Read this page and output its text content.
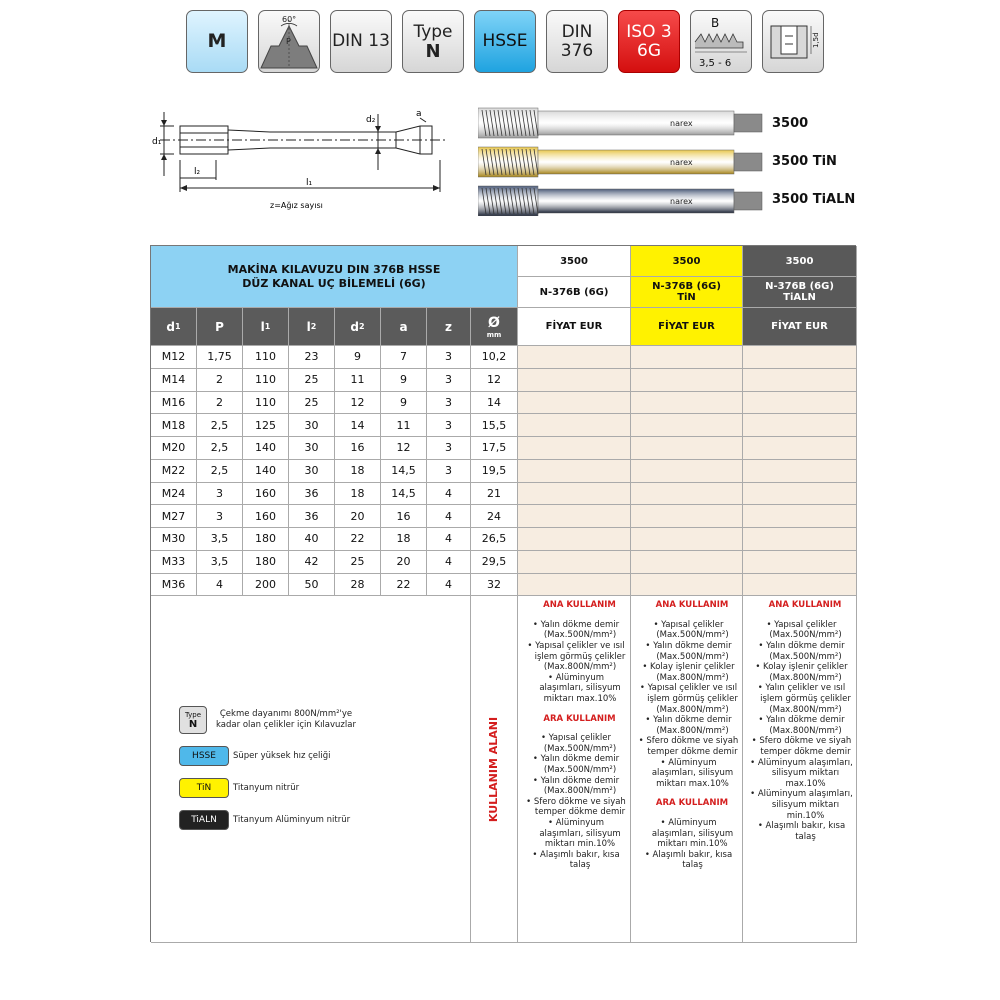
M
60°
P DIN 13 Type
N HSSE DIN
376
ISO 3
6G
B
3,5 - 6
1,5d
d₁
d₂
a
l₂
l₁
z=Ağız sayısı
narex
narex
narex
3500
3500 TiN
3500 TiALN
MAKİNA KILAVUZU DIN 376B HSSE
DÜZ KANAL UÇ BİLEMELİ (6G)
3500
N-376B (6G)
FİYAT EUR
3500
N-376B (6G)
TiN
FİYAT EUR
3500
N-376B (6G)
TiALN
FİYAT EUR
d 1	P	l 1	l 2	d 2	a	z	Ø
mm
M12	1,75	110	23	9	7	3	10,2
M14	2	110	25	11	9	3	12
M16	2	110	25	12	9	3	14
M18	2,5	125	30	14	11	3	15,5
M20	2,5	140	30	16	12	3	17,5
M22	2,5	140	30	18	14,5	3	19,5
M24	3	160	36	18	14,5	4	21
M27	3	160	36	20	16	4	24
M30	3,5	180	40	22	18	4	26,5
M33	3,5	180	42	25	20	4	29,5
M36	4	200	50	28	22	4	32
Type
N
Çekme dayanımı 800N/mm²'ye kadar olan çelikler için Kılavuzlar
HSSE	Süper yüksek hız çeliği
TiN	Titanyum nitrür
TiALN	Titanyum Alüminyum nitrür	KULLANIM ALANI
ANA KULLANIM
• Yalın dökme demir (Max.500N/mm²)
• Yapısal çelikler ve ısıl işlem görmüş çelikler (Max.800N/mm²)
• Alüminyum alaşımları, silisyum miktarı max.10%
ARA KULLANIM
• Yapısal çelikler (Max.500N/mm²)
• Yalın dökme demir (Max.500N/mm²)
• Yalın dökme demir (Max.800N/mm²)
• Sfero dökme ve siyah temper dökme demir
• Alüminyum alaşımları, silisyum miktarı min.10%
• Alaşımlı bakır, kısa talaş
ANA KULLANIM
• Yapısal çelikler (Max.500N/mm²)
• Yalın dökme demir (Max.500N/mm²)
• Kolay işlenir çelikler (Max.800N/mm²)
• Yapısal çelikler ve ısıl işlem görmüş çelikler (Max.800N/mm²)
• Yalın dökme demir (Max.800N/mm²)
• Sfero dökme ve siyah temper dökme demir
• Alüminyum alaşımları, silisyum miktarı max.10%
ARA KULLANIM
• Alüminyum alaşımları, silisyum miktarı min.10%
• Alaşımlı bakır, kısa talaş
ANA KULLANIM
• Yapısal çelikler (Max.500N/mm²)
• Yalın dökme demir (Max.500N/mm²)
• Kolay işlenir çelikler (Max.800N/mm²)
• Yalın çelikler ve ısıl işlem görmüş çelikler (Max.800N/mm²)
• Yalın dökme demir (Max.800N/mm²)
• Sfero dökme ve siyah temper dökme demir
• Alüminyum alaşımları, silisyum miktarı max.10%
• Alüminyum alaşımları, silisyum miktarı min.10%
• Alaşımlı bakır, kısa talaş
